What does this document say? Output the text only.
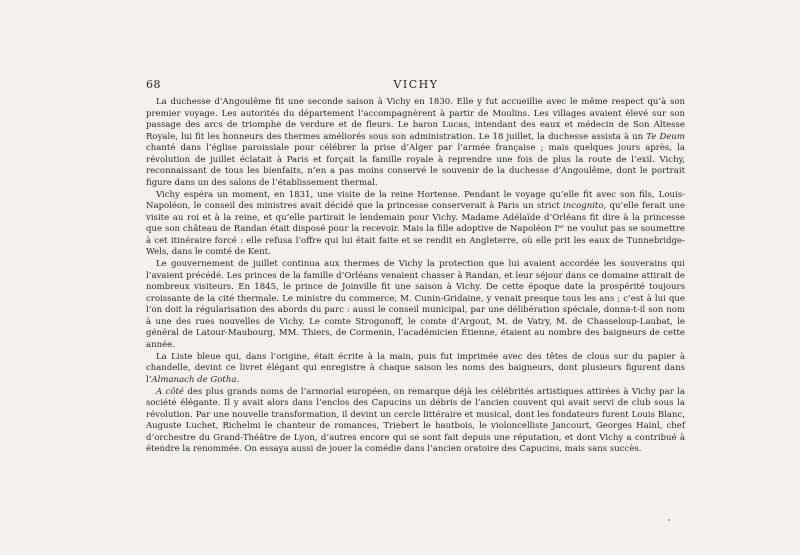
68	VICHY

La duchesse d’Angoulême fit une seconde saison à Vichy en 1830. Elle y fut accueillie avec le même respect qu’à son premier voyage. Les autorités du département l’accompagnèrent à partir de Moulins. Les villages avaient élevé sur son passage des arcs de triomphe de verdure et de fleurs. Le baron Lucas, intendant des eaux et médecin de Son Altesse Royale, lui fit les honneurs des thermes améliorés sous son administration. Le 18 juillet, la duchesse assista à un Te Deum chanté dans l’église paroissiale pour célébrer la prise d’Alger par l’armée française ; mais quelques jours après, la révolution de juillet éclatait à Paris et forçait la famille royale à reprendre une fois de plus la route de l’exil. Vichy, reconnaissant de tous les bienfaits, n’en a pas moins conservé le souvenir de la duchesse d’Angoulême, dont le portrait figure dans un des salons de l’établissement thermal.

Vichy espéra un moment, en 1831, une visite de la reine Hortense. Pendant le voyage qu’elle fit avec son fils, Louis-Napoléon, le conseil des ministres avait décidé que la princesse conserverait à Paris un strict incognito, qu’elle ferait une visite au roi et à la reine, et qu’elle partirait le lendemain pour Vichy. Madame Adélaïde d’Orléans fit dire à la princesse que son château de Randan était disposé pour la recevoir. Mais la fille adoptive de Napoléon Iᵉʳ ne voulut pas se soumettre à cet itinéraire forcé : elle refusa l’offre qui lui était faite et se rendit en Angleterre, où elle prit les eaux de Tunnebridge-Wels, dans le comté de Kent.

Le gouvernement de juillet continua aux thermes de Vichy la protection que lui avaient accordée les souverains qui l’avaient précédé. Les princes de la famille d’Orléans venaient chasser à Randan, et leur séjour dans ce domaine attirait de nombreux visiteurs. En 1845, le prince de Joinville fit une saison à Vichy. De cette époque date la prospérité toujours croissante de la cité thermale. Le ministre du commerce, M. Cunin-Gridaine, y venait presque tous les ans ; c’est à lui que l’on doit la régularisation des abords du parc : aussi le conseil municipal, par une délibération spéciale, donna-t-il son nom à une des rues nouvelles de Vichy. Le comte Strogonoff, le comte d’Argout, M. de Vatry, M. de Chasseloup-Laubat, le général de Latour-Maubourg, MM. Thiers, de Cormenin, l’académicien Étienne, étaient au nombre des baigneurs de cette année.

La Liste bleue qui, dans l’origine, était écrite à la main, puis fut imprimée avec des têtes de clous sur du papier à chandelle, devint ce livret élégant qui enregistre à chaque saison les noms des baigneurs, dont plusieurs figurent dans l’Almanach de Gotha.

A côté des plus grands noms de l’armorial européen, on remarque déjà les célébrités artistiques attirées à Vichy par la société élégante. Il y avait alors dans l’enclos des Capucins un débris de l’ancien couvent qui avait servi de club sous la révolution. Par une nouvelle transformation, il devint un cercle littéraire et musical, dont les fondateurs furent Louis Blanc, Auguste Luchet, Richelmi le chanteur de romances, Triebert le hautbois, le violoncelliste Jancourt, Georges Hainl, chef d’orchestre du Grand-Théâtre de Lyon, d’autres encore qui se sont fait depuis une réputation, et dont Vichy a contribué à étendre la renommée. On essaya aussi de jouer la comédie dans l’ancien oratoire des Capucins, mais sans succès.
